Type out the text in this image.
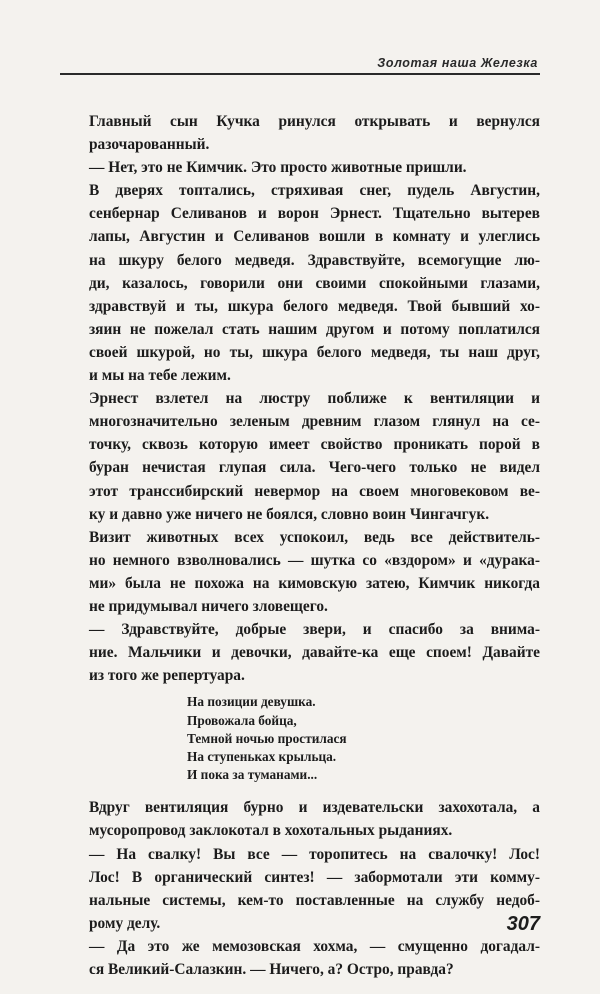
Золотая наша Железка
Главный сын Кучка ринулся открывать и вернулся
разочарованный.
— Нет, это не Кимчик. Это просто животные пришли.
В дверях топтались, стряхивая снег, пудель Августин,
сенбернар Селиванов и ворон Эрнест. Тщательно вытерев
лапы, Августин и Селиванов вошли в комнату и улеглись
на шкуру белого медведя. Здравствуйте, всемогущие лю-
ди, казалось, говорили они своими спокойными глазами,
здравствуй и ты, шкура белого медведя. Твой бывший хо-
зяин не пожелал стать нашим другом и потому поплатился
своей шкурой, но ты, шкура белого медведя, ты наш друг,
и мы на тебе лежим.
Эрнест взлетел на люстру поближе к вентиляции и
многозначительно зеленым древним глазом глянул на се-
точку, сквозь которую имеет свойство проникать порой в
буран нечистая глупая сила. Чего-чего только не видел
этот транссибирский невермор на своем многовековом ве-
ку и давно уже ничего не боялся, словно воин Чингачгук.
Визит животных всех успокоил, ведь все действитель-
но немного взволновались — шутка со «вздором» и «дурака-
ми» была не похожа на кимовскую затею, Кимчик никогда
не придумывал ничего зловещего.
— Здравствуйте, добрые звери, и спасибо за внима-
ние. Мальчики и девочки, давайте-ка еще споем! Давайте
из того же репертуара.
На позиции девушка.
Провожала бойца,
Темной ночью простилася
На ступеньках крыльца.
И пока за туманами...
Вдруг вентиляция бурно и издевательски захохотала, а
мусоропровод заклокотал в хохотальных рыданиях.
— На свалку! Вы все — торопитесь на свалочку! Лос!
Лос! В органический синтез! — забормотали эти комму-
нальные системы, кем-то поставленные на службу недоб-
рому делу.
— Да это же мемозовская хохма, — смущенно догадал-
ся Великий-Салазкин. — Ничего, а? Остро, правда?
307
